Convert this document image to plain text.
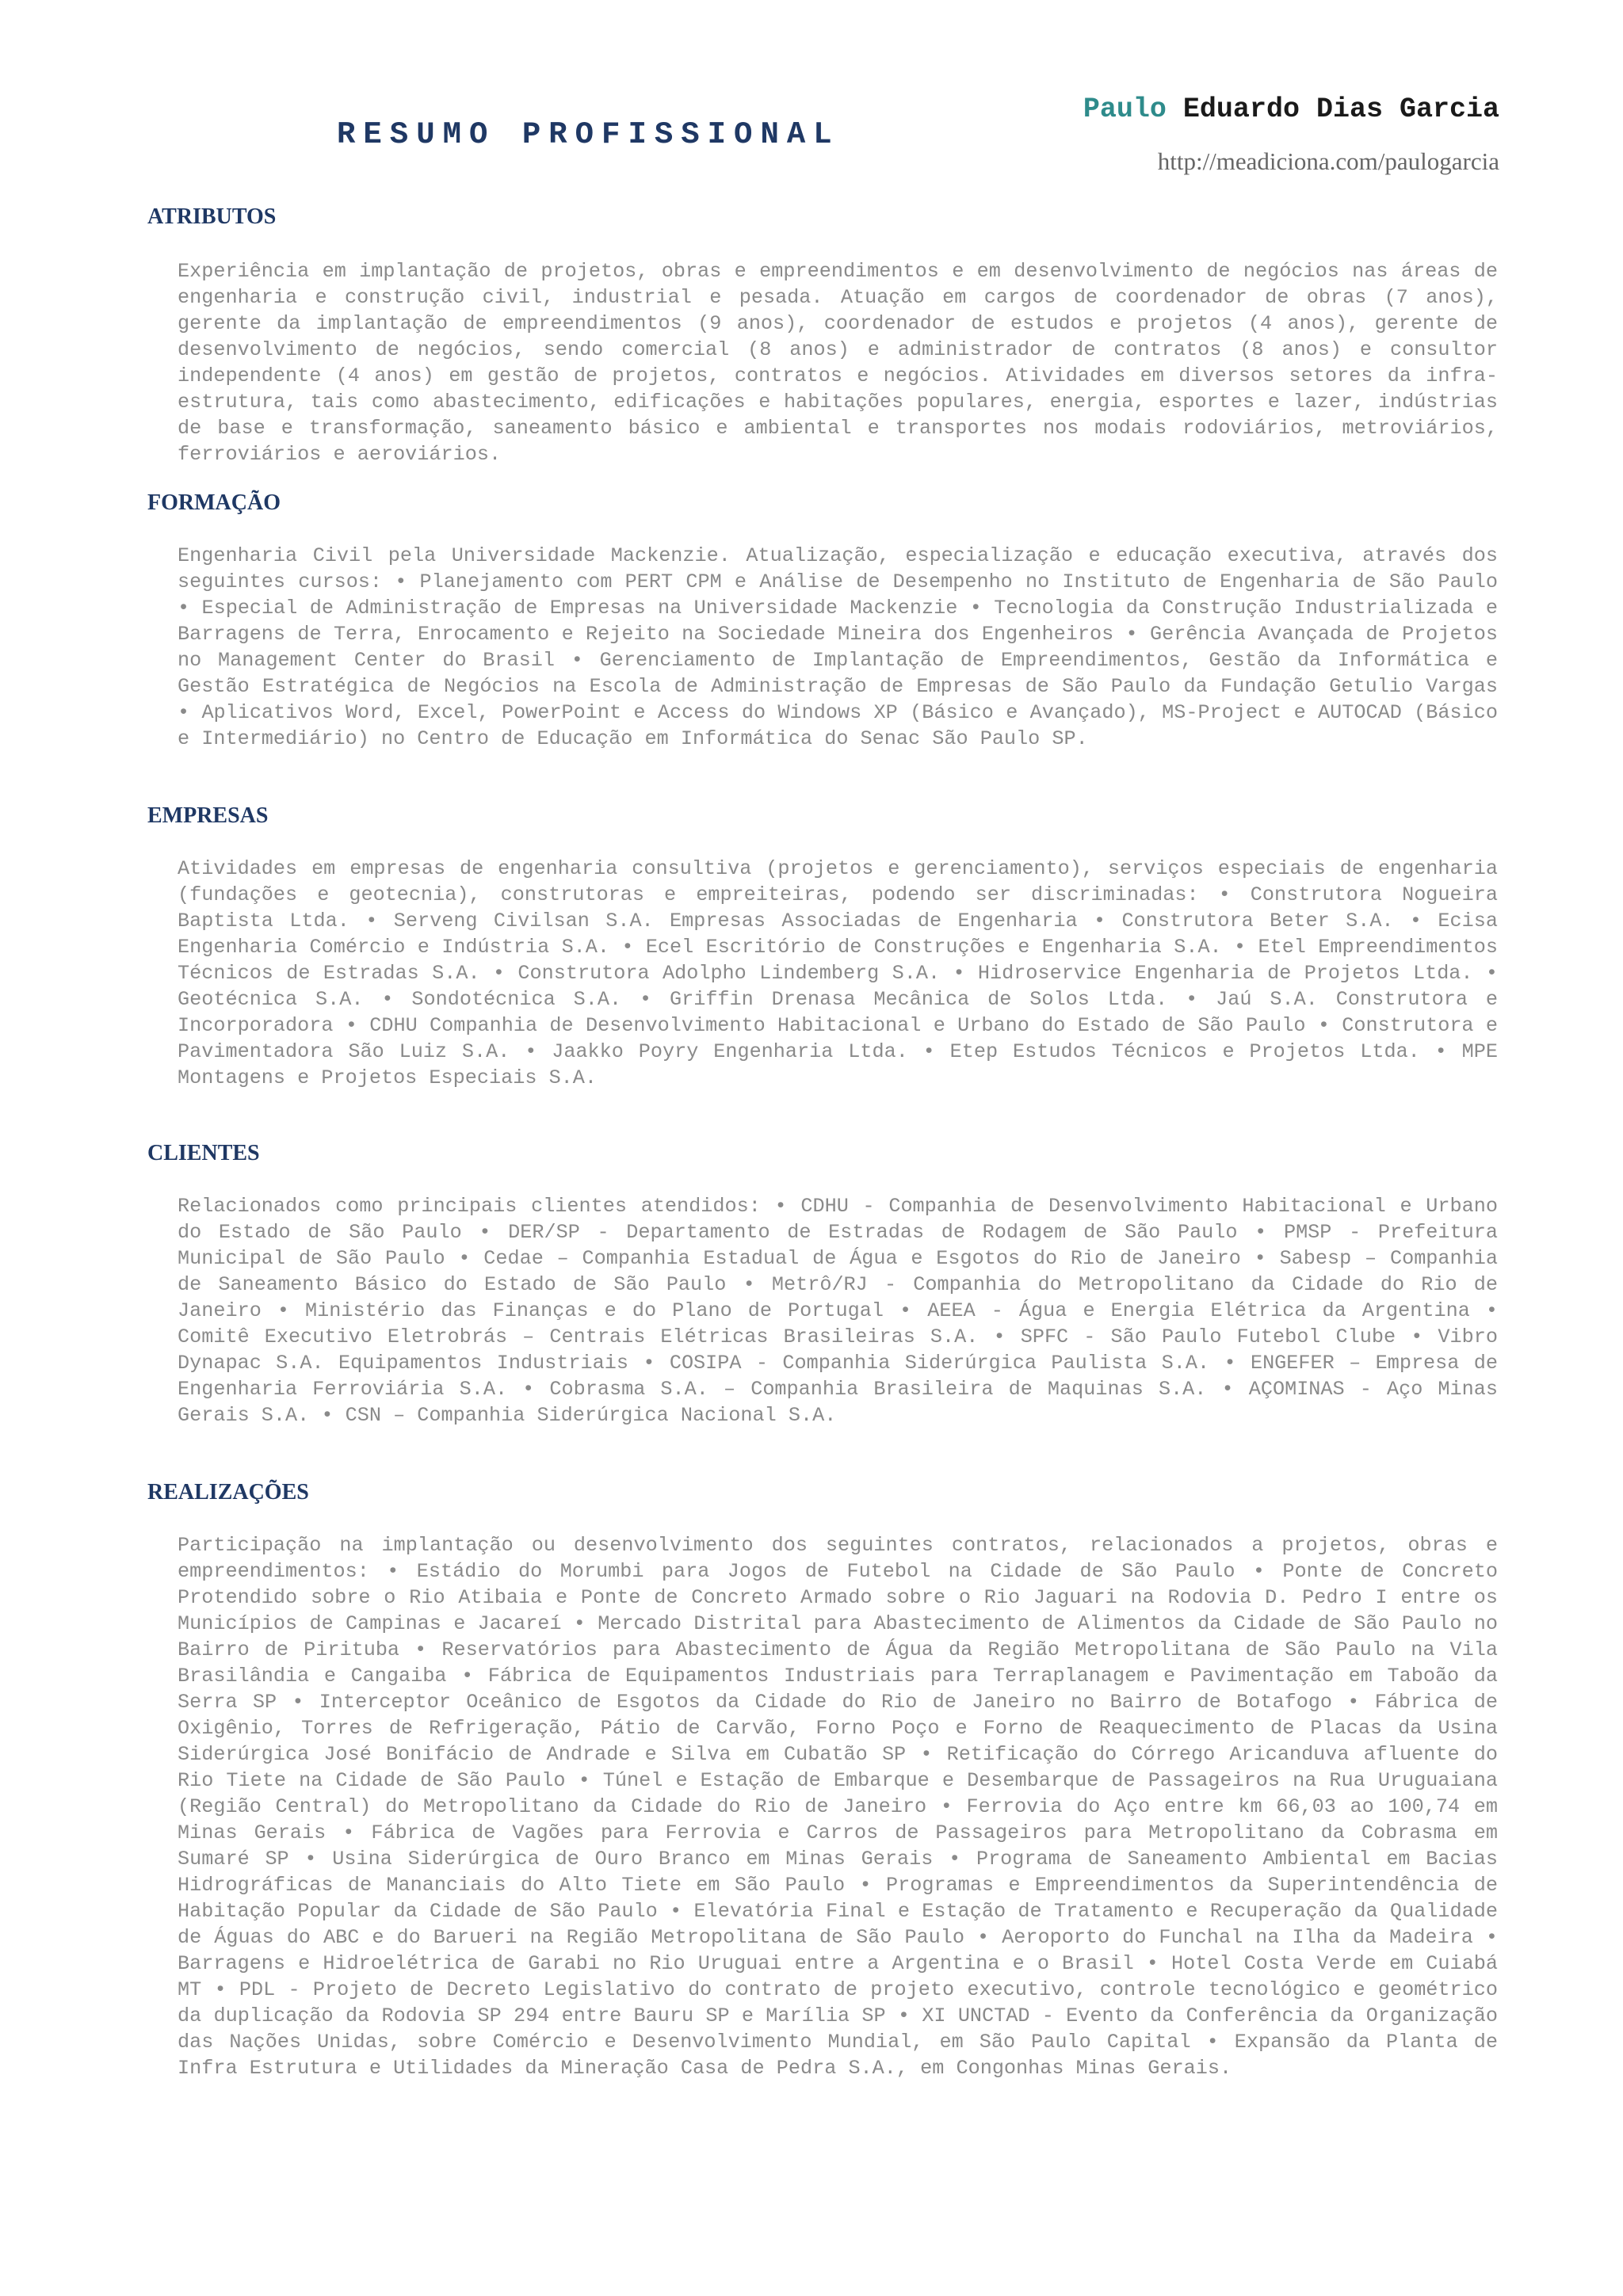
RESUMO PROFISSIONAL
Paulo Eduardo Dias Garcia
http://meadiciona.com/paulogarcia
ATRIBUTOS

Experiência em implantação de projetos, obras e empreendimentos e em desenvolvimento de negócios nas áreas de engenharia e construção civil, industrial e pesada. Atuação em cargos de coordenador de obras (7 anos), gerente da implantação de empreendimentos (9 anos), coordenador de estudos e projetos (4 anos), gerente de desenvolvimento de negócios, sendo comercial (8 anos) e administrador de contratos (8 anos) e consultor independente (4 anos) em gestão de projetos, contratos e negócios. Atividades em diversos setores da infra-estrutura, tais como abastecimento, edificações e habitações populares, energia, esportes e lazer, indústrias de base e transformação, saneamento básico e ambiental e transportes nos modais rodoviários, metroviários, ferroviários e aeroviários.

FORMAÇÃO

Engenharia Civil pela Universidade Mackenzie. Atualização, especialização e educação executiva, através dos seguintes cursos: • Planejamento com PERT CPM e Análise de Desempenho no Instituto de Engenharia de São Paulo • Especial de Administração de Empresas na Universidade Mackenzie • Tecnologia da Construção Industrializada e Barragens de Terra, Enrocamento e Rejeito na Sociedade Mineira dos Engenheiros • Gerência Avançada de Projetos no Management Center do Brasil • Gerenciamento de Implantação de Empreendimentos, Gestão da Informática e Gestão Estratégica de Negócios na Escola de Administração de Empresas de São Paulo da Fundação Getulio Vargas • Aplicativos Word, Excel, PowerPoint e Access do Windows XP (Básico e Avançado), MS-Project e AUTOCAD (Básico e Intermediário) no Centro de Educação em Informática do Senac São Paulo SP.

EMPRESAS

Atividades em empresas de engenharia consultiva (projetos e gerenciamento), serviços especiais de engenharia (fundações e geotecnia), construtoras e empreiteiras, podendo ser discriminadas: • Construtora Nogueira Baptista Ltda. • Serveng Civilsan S.A. Empresas Associadas de Engenharia • Construtora Beter S.A. • Ecisa Engenharia Comércio e Indústria S.A. • Ecel Escritório de Construções e Engenharia S.A. • Etel Empreendimentos Técnicos de Estradas S.A. • Construtora Adolpho Lindemberg S.A. • Hidroservice Engenharia de Projetos Ltda. • Geotécnica S.A. • Sondotécnica S.A. • Griffin Drenasa Mecânica de Solos Ltda. • Jaú S.A. Construtora e Incorporadora • CDHU Companhia de Desenvolvimento Habitacional e Urbano do Estado de São Paulo • Construtora e Pavimentadora São Luiz S.A. • Jaakko Poyry Engenharia Ltda. • Etep Estudos Técnicos e Projetos Ltda. • MPE Montagens e Projetos Especiais S.A.

CLIENTES

Relacionados como principais clientes atendidos: • CDHU - Companhia de Desenvolvimento Habitacional e Urbano do Estado de São Paulo • DER/SP - Departamento de Estradas de Rodagem de São Paulo • PMSP - Prefeitura Municipal de São Paulo • Cedae – Companhia Estadual de Água e Esgotos do Rio de Janeiro • Sabesp – Companhia de Saneamento Básico do Estado de São Paulo • Metrô/RJ - Companhia do Metropolitano da Cidade do Rio de Janeiro • Ministério das Finanças e do Plano de Portugal • AEEA - Água e Energia Elétrica da Argentina • Comitê Executivo Eletrobrás – Centrais Elétricas Brasileiras S.A. • SPFC - São Paulo Futebol Clube • Vibro Dynapac S.A. Equipamentos Industriais • COSIPA - Companhia Siderúrgica Paulista S.A. • ENGEFER – Empresa de Engenharia Ferroviária S.A. • Cobrasma S.A. – Companhia Brasileira de Maquinas S.A. • AÇOMINAS - Aço Minas Gerais S.A. • CSN – Companhia Siderúrgica Nacional S.A.

REALIZAÇÕES

Participação na implantação ou desenvolvimento dos seguintes contratos, relacionados a projetos, obras e empreendimentos: • Estádio do Morumbi para Jogos de Futebol na Cidade de São Paulo • Ponte de Concreto Protendido sobre o Rio Atibaia e Ponte de Concreto Armado sobre o Rio Jaguari na Rodovia D. Pedro I entre os Municípios de Campinas e Jacareí • Mercado Distrital para Abastecimento de Alimentos da Cidade de São Paulo no Bairro de Pirituba • Reservatórios para Abastecimento de Água da Região Metropolitana de São Paulo na Vila Brasilândia e Cangaiba • Fábrica de Equipamentos Industriais para Terraplanagem e Pavimentação em Taboão da Serra SP • Interceptor Oceânico de Esgotos da Cidade do Rio de Janeiro no Bairro de Botafogo • Fábrica de Oxigênio, Torres de Refrigeração, Pátio de Carvão, Forno Poço e Forno de Reaquecimento de Placas da Usina Siderúrgica José Bonifácio de Andrade e Silva em Cubatão SP • Retificação do Córrego Aricanduva afluente do Rio Tiete na Cidade de São Paulo • Túnel e Estação de Embarque e Desembarque de Passageiros na Rua Uruguaiana (Região Central) do Metropolitano da Cidade do Rio de Janeiro • Ferrovia do Aço entre km 66,03 ao 100,74 em Minas Gerais • Fábrica de Vagões para Ferrovia e Carros de Passageiros para Metropolitano da Cobrasma em Sumaré SP • Usina Siderúrgica de Ouro Branco em Minas Gerais • Programa de Saneamento Ambiental em Bacias Hidrográficas de Mananciais do Alto Tiete em São Paulo • Programas e Empreendimentos da Superintendência de Habitação Popular da Cidade de São Paulo • Elevatória Final e Estação de Tratamento e Recuperação da Qualidade de Águas do ABC e do Barueri na Região Metropolitana de São Paulo • Aeroporto do Funchal na Ilha da Madeira • Barragens e Hidroelétrica de Garabi no Rio Uruguai entre a Argentina e o Brasil • Hotel Costa Verde em Cuiabá MT • PDL - Projeto de Decreto Legislativo do contrato de projeto executivo, controle tecnológico e geométrico da duplicação da Rodovia SP 294 entre Bauru SP e Marília SP • XI UNCTAD - Evento da Conferência da Organização das Nações Unidas, sobre Comércio e Desenvolvimento Mundial, em São Paulo Capital • Expansão da Planta de Infra Estrutura e Utilidades da Mineração Casa de Pedra S.A., em Congonhas Minas Gerais.
